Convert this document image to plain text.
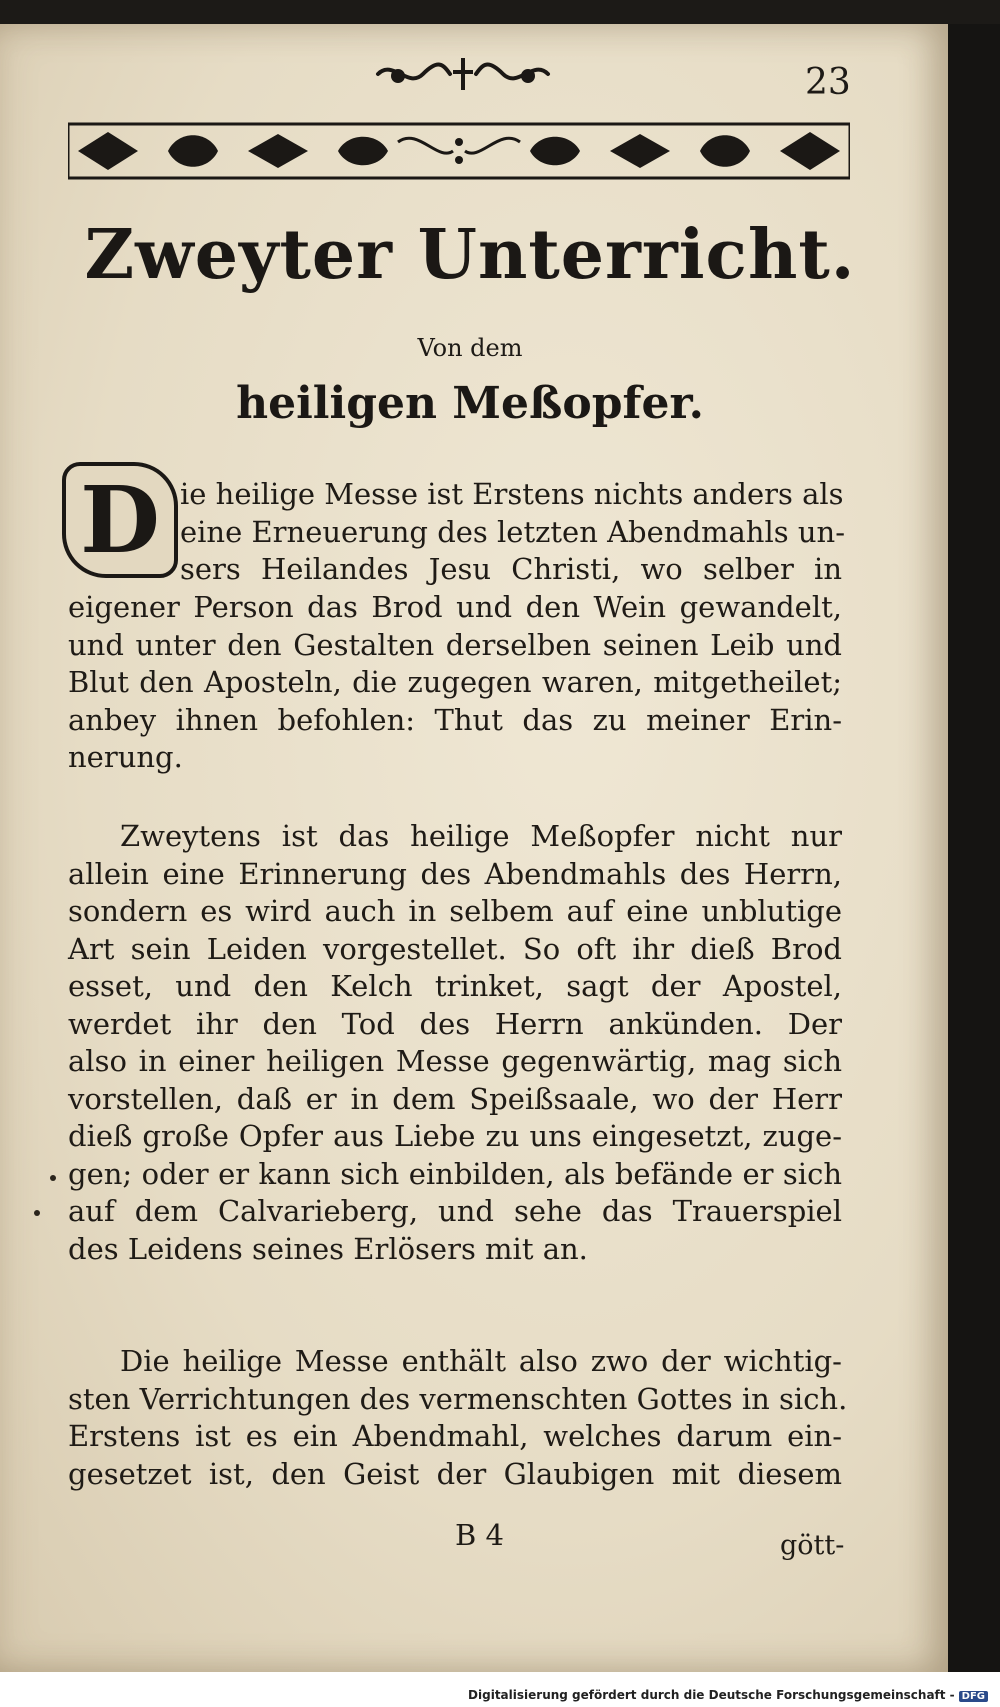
23
Zweyter Unterricht.
Von dem
heiligen Meßopfer.
D ie heilige Messe ist Erstens nichts anders als
eine Erneuerung des letzten Abendmahls un-
sers Heilandes Jesu Christi, wo selber in
eigener Person das Brod und den Wein gewandelt,
und unter den Gestalten derselben seinen Leib und
Blut den Aposteln, die zugegen waren, mitgetheilet;
anbey ihnen befohlen: Thut das zu meiner Erin-
nerung.
Zweytens ist das heilige Meßopfer nicht nur
allein eine Erinnerung des Abendmahls des Herrn,
sondern es wird auch in selbem auf eine unblutige
Art sein Leiden vorgestellet. So oft ihr dieß Brod
esset, und den Kelch trinket, sagt der Apostel,
werdet ihr den Tod des Herrn ankünden. Der
also in einer heiligen Messe gegenwärtig, mag sich
vorstellen, daß er in dem Speißsaale, wo der Herr
dieß große Opfer aus Liebe zu uns eingesetzt, zuge-
gen; oder er kann sich einbilden, als befände er sich
auf dem Calvarieberg, und sehe das Trauerspiel
des Leidens seines Erlösers mit an.
Die heilige Messe enthält also zwo der wichtig-
sten Verrichtungen des vermenschten Gottes in sich.
Erstens ist es ein Abendmahl, welches darum ein-
gesetzet ist, den Geist der Glaubigen mit diesem
B 4	gött-
Digitalisierung gefördert durch die Deutsche Forschungsgemeinschaft - DFG
